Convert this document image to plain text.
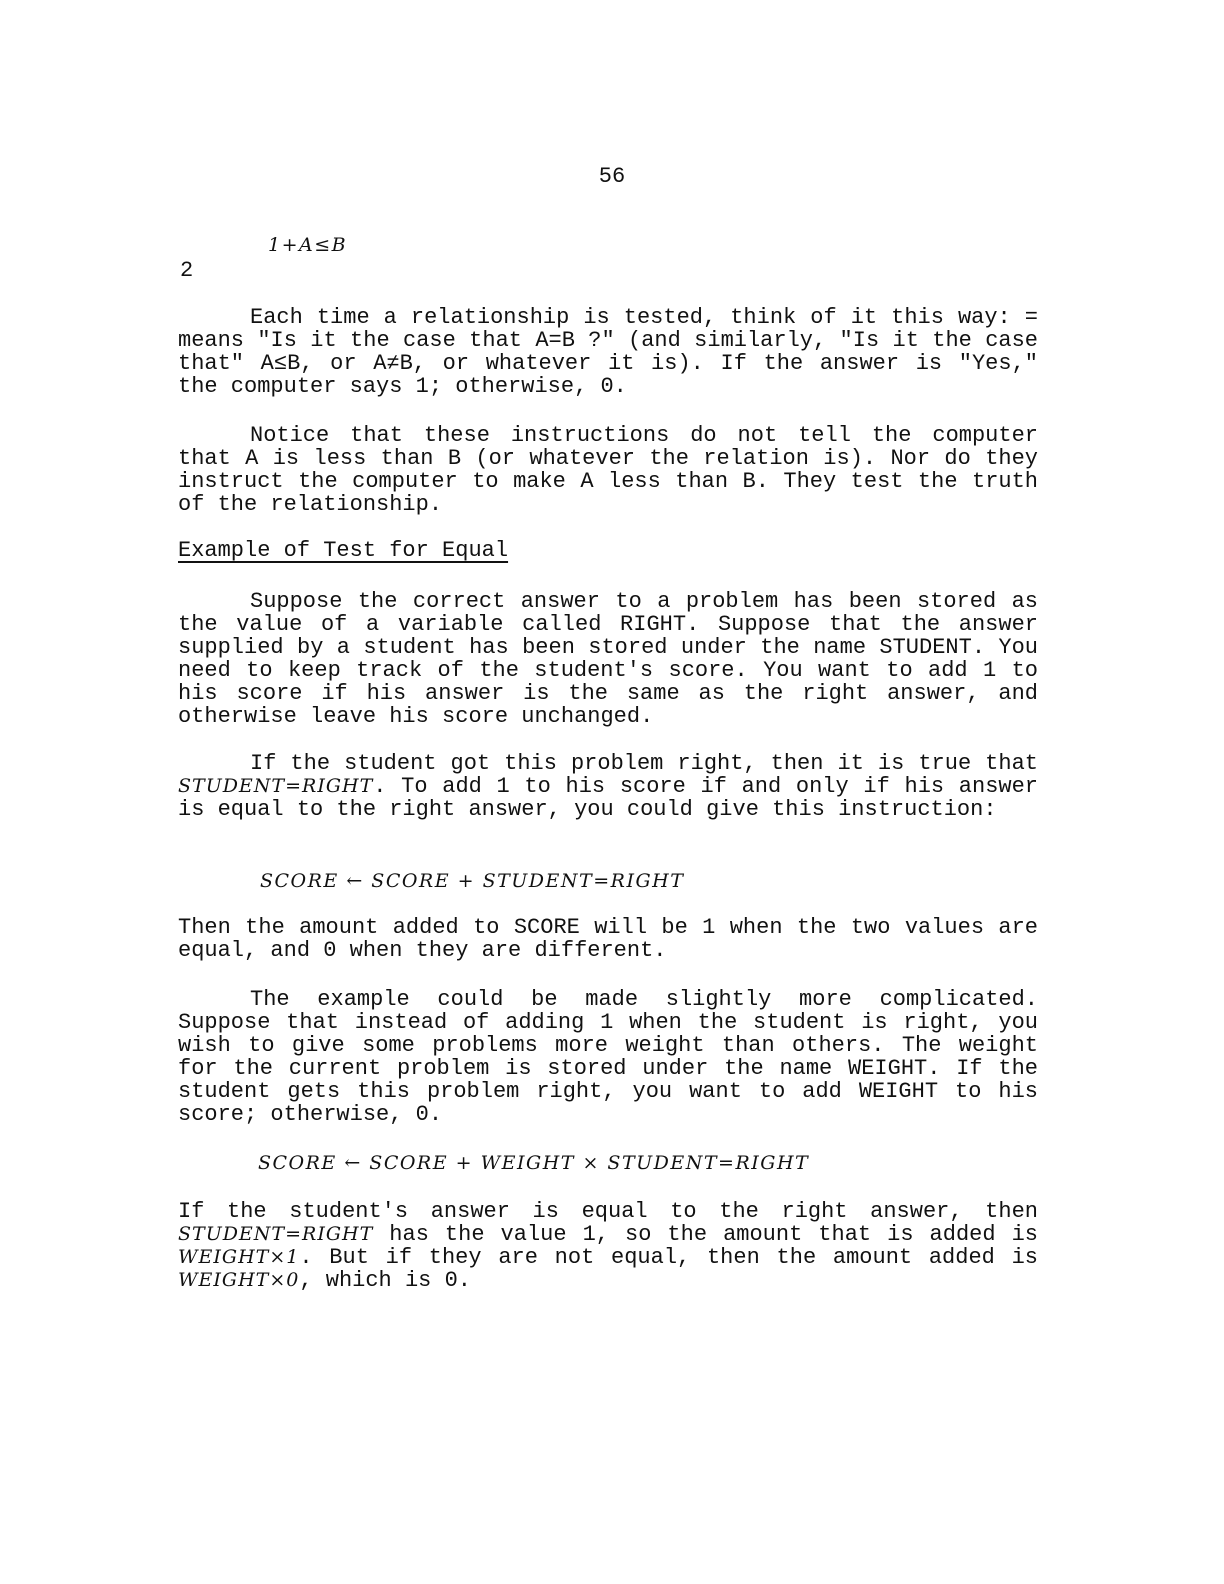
56
1+A≤B
2
Each time a relationship is tested, think of it this way: = means "Is it the case that A=B ?" (and similarly, "Is it the case that" A≤B, or A≠B, or whatever it is). If the answer is "Yes," the computer says 1; otherwise, 0.
Notice that these instructions do not tell the computer that A is less than B (or whatever the relation is). Nor do they instruct the computer to make A less than B. They test the truth of the relationship.
Example of Test for Equal
Suppose the correct answer to a problem has been stored as the value of a variable called RIGHT. Suppose that the answer supplied by a student has been stored under the name STUDENT. You need to keep track of the student's score. You want to add 1 to his score if his answer is the same as the right answer, and otherwise leave his score unchanged.
If the student got this problem right, then it is true that STUDENT=RIGHT. To add 1 to his score if and only if his answer is equal to the right answer, you could give this instruction:
SCORE ← SCORE + STUDENT=RIGHT
Then the amount added to SCORE will be 1 when the two values are equal, and 0 when they are different.
The example could be made slightly more complicated. Suppose that instead of adding 1 when the student is right, you wish to give some problems more weight than others. The weight for the current problem is stored under the name WEIGHT. If the student gets this problem right, you want to add WEIGHT to his score; otherwise, 0.
SCORE ← SCORE + WEIGHT × STUDENT=RIGHT
If the student's answer is equal to the right answer, then STUDENT=RIGHT has the value 1, so the amount that is added is WEIGHT×1. But if they are not equal, then the amount added is WEIGHT×0, which is 0.
